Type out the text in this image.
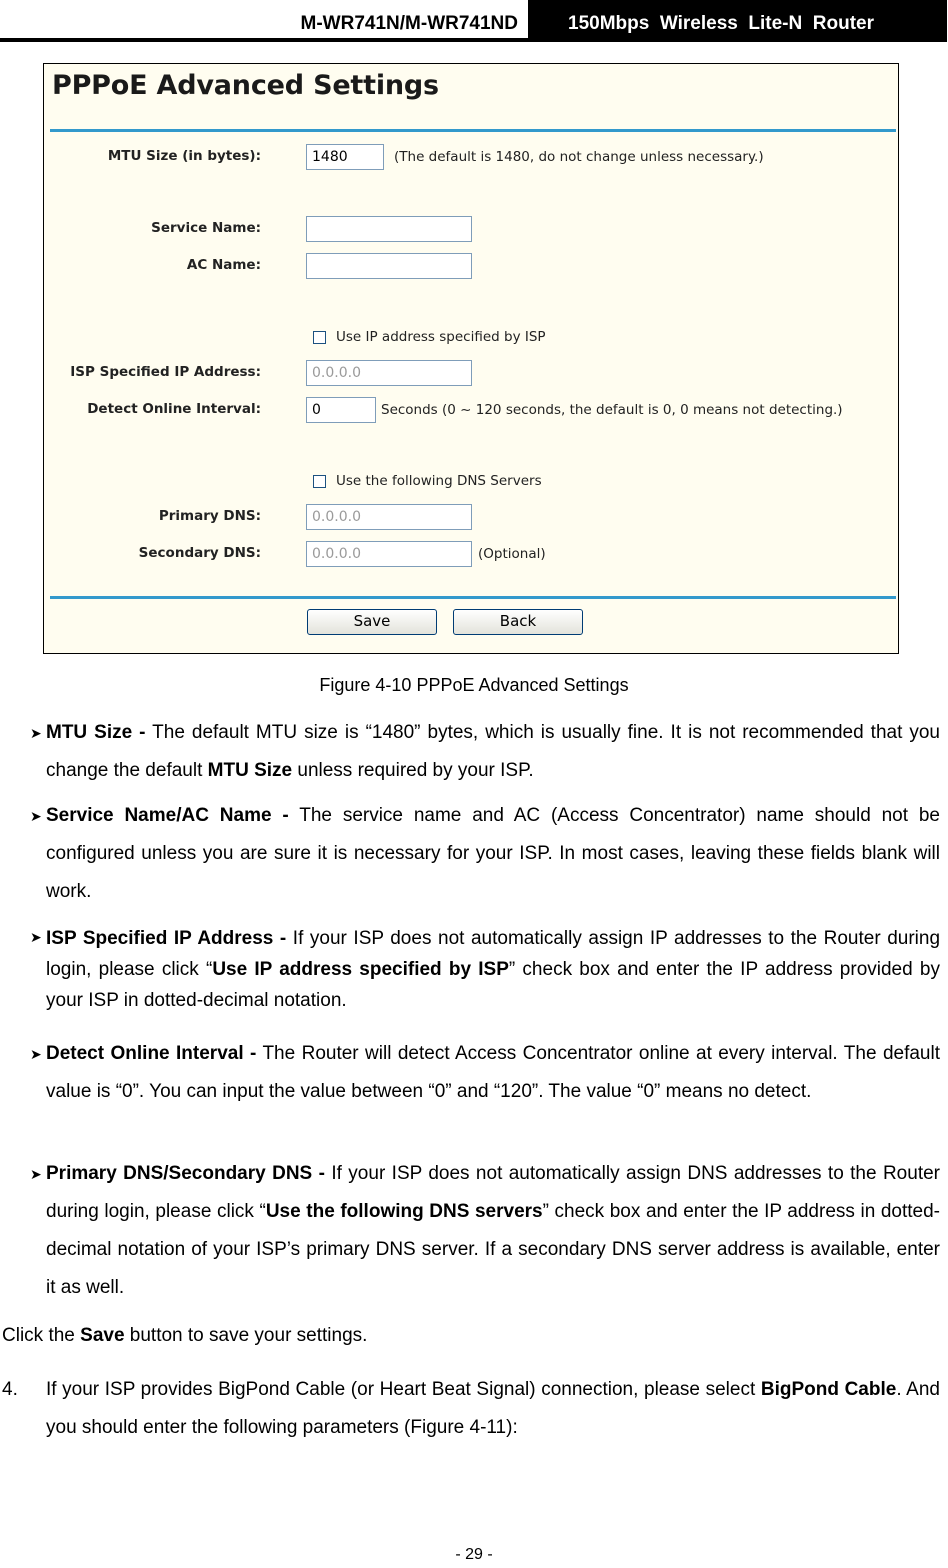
M-WR741N/M-WR741ND	150Mbps  Wireless  Lite-N  Router
PPPoE Advanced Settings
MTU Size (in bytes):
1480	(The default is 1480, do not change unless necessary.)
Service Name:
AC Name:
Use IP address specified by ISP
ISP Specified IP Address:
0.0.0.0
Detect Online Interval:
0	Seconds (0 ~ 120 seconds, the default is 0, 0 means not detecting.)
Use the following DNS Servers
Primary DNS:
0.0.0.0
Secondary DNS:
0.0.0.0	(Optional)
Save	Back
Figure 4-10 PPPoE Advanced Settings
➤ MTU Size - The default MTU size is “1480” bytes, which is usually fine. It is not recommended that you change the default MTU Size unless required by your ISP.
➤ Service Name/AC Name - The service name and AC (Access Concentrator) name should not be configured unless you are sure it is necessary for your ISP. In most cases, leaving these fields blank will work.
➤ ISP Specified IP Address - If your ISP does not automatically assign IP addresses to the Router during login, please click “Use IP address specified by ISP” check box and enter the IP address provided by your ISP in dotted-decimal notation.
➤ Detect Online Interval - The Router will detect Access Concentrator online at every interval. The default value is “0”. You can input the value between “0” and “120”. The value “0” means no detect.
➤ Primary DNS/Secondary DNS - If your ISP does not automatically assign DNS addresses to the Router during login, please click “Use the following DNS servers” check box and enter the IP address in dotted-decimal notation of your ISP’s primary DNS server. If a secondary DNS server address is available, enter it as well.
Click the Save button to save your settings.
4.	If your ISP provides BigPond Cable (or Heart Beat Signal) connection, please select BigPond Cable. And you should enter the following parameters (Figure 4-11):
- 29 -
